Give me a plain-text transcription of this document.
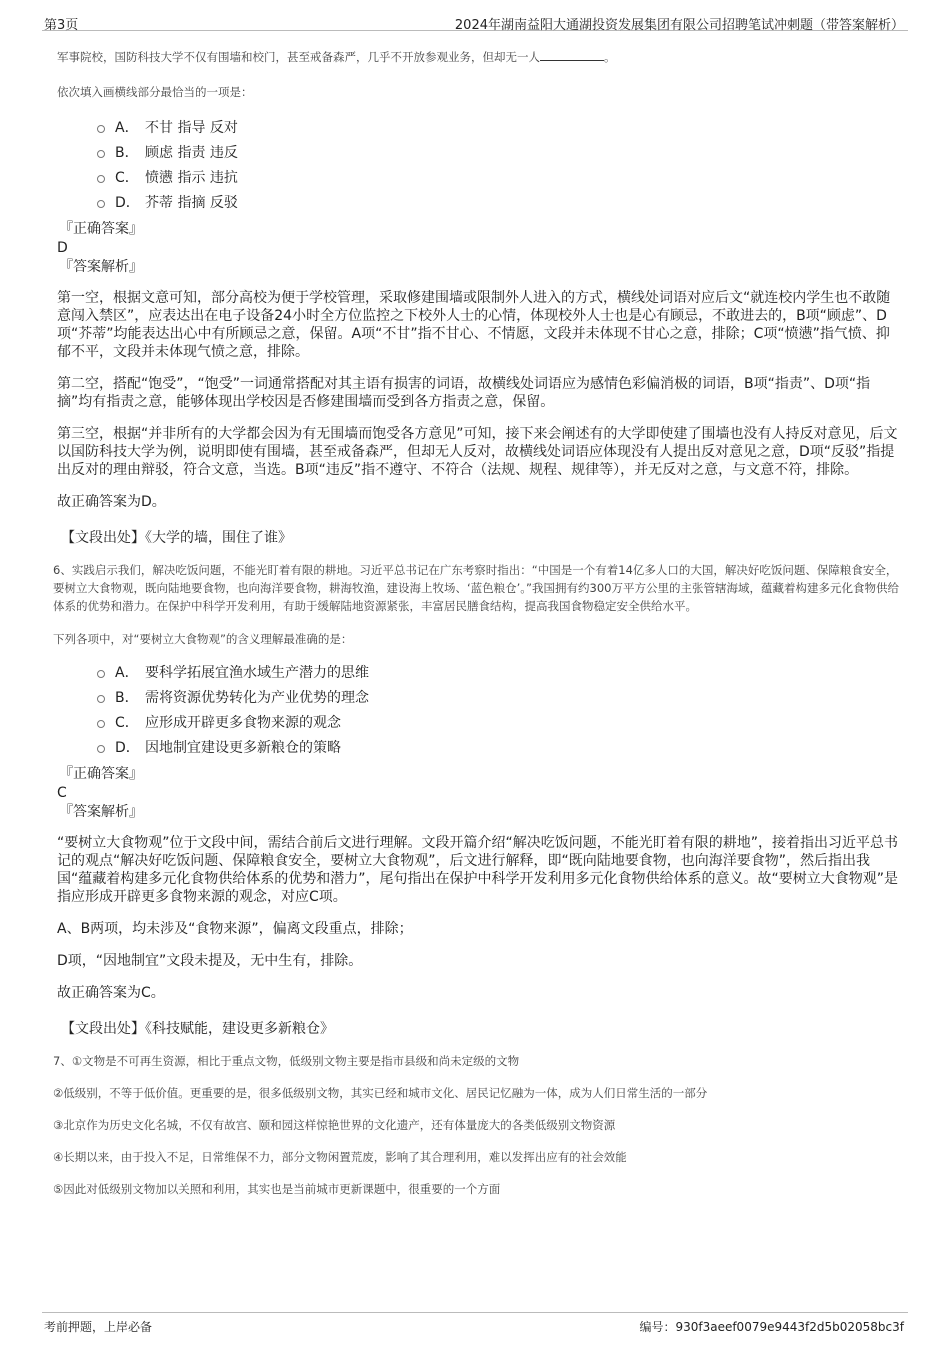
第3页	2024年湖南益阳大通湖投资发展集团有限公司招聘笔试冲刺题（带答案解析）
军事院校，国防科技大学不仅有围墙和校门，甚至戒备森严，几乎不开放参观业务，但却无一人	。
依次填入画横线部分最恰当的一项是：
A． 不甘 指导 反对
B． 顾虑 指责 违反
C． 愤懑 指示 违抗
D． 芥蒂 指摘 反驳
『正确答案』
D
『答案解析』
第一空，根据文意可知，部分高校为便于学校管理，采取修建围墙或限制外人进入的方式，横线处词语对应后文“就连校内学生也不敢随意闯入禁区”，应表达出在电子设备24小时全方位监控之下校外人士的心情，体现校外人士也是心有顾忌，不敢进去的，B项“顾虑”、D项“芥蒂”均能表达出心中有所顾忌之意，保留。A项“不甘”指不甘心、不情愿，文段并未体现不甘心之意，排除；C项“愤懑”指气愤、抑郁不平，文段并未体现气愤之意，排除。
第二空，搭配“饱受”，“饱受”一词通常搭配对其主语有损害的词语，故横线处词语应为感情色彩偏消极的词语，B项“指责”、D项“指摘”均有指责之意，能够体现出学校因是否修建围墙而受到各方指责之意，保留。
第三空，根据“并非所有的大学都会因为有无围墙而饱受各方意见”可知，接下来会阐述有的大学即使建了围墙也没有人持反对意见，后文以国防科技大学为例，说明即使有围墙，甚至戒备森严，但却无人反对，故横线处词语应体现没有人提出反对意见之意，D项“反驳”指提出反对的理由辩驳，符合文意，当选。B项“违反”指不遵守、不符合（法规、规程、规律等），并无反对之意，与文意不符，排除。
故正确答案为D。
【文段出处】《大学的墙，围住了谁》
6、实践启示我们，解决吃饭问题，不能光盯着有限的耕地。习近平总书记在广东考察时指出：“中国是一个有着14亿多人口的大国，解决好吃饭问题、保障粮食安全，要树立大食物观，既向陆地要食物，也向海洋要食物，耕海牧渔，建设海上牧场、‘蓝色粮仓’。”我国拥有约300万平方公里的主张管辖海域，蕴藏着构建多元化食物供给体系的优势和潜力。在保护中科学开发利用，有助于缓解陆地资源紧张，丰富居民膳食结构，提高我国食物稳定安全供给水平。
下列各项中，对“要树立大食物观”的含义理解最准确的是：
A． 要科学拓展宜渔水域生产潜力的思维
B． 需将资源优势转化为产业优势的理念
C． 应形成开辟更多食物来源的观念
D． 因地制宜建设更多新粮仓的策略
『正确答案』
C
『答案解析』
“要树立大食物观”位于文段中间，需结合前后文进行理解。文段开篇介绍“解决吃饭问题，不能光盯着有限的耕地”，接着指出习近平总书记的观点“解决好吃饭问题、保障粮食安全，要树立大食物观”，后文进行解释，即“既向陆地要食物，也向海洋要食物”，然后指出我国“蕴藏着构建多元化食物供给体系的优势和潜力”，尾句指出在保护中科学开发利用多元化食物供给体系的意义。故“要树立大食物观”是指应形成开辟更多食物来源的观念，对应C项。
A、B两项，均未涉及“食物来源”，偏离文段重点，排除；
D项，“因地制宜”文段未提及，无中生有，排除。
故正确答案为C。
【文段出处】《科技赋能，建设更多新粮仓》
7、①文物是不可再生资源，相比于重点文物，低级别文物主要是指市县级和尚未定级的文物
②低级别，不等于低价值。更重要的是，很多低级别文物，其实已经和城市文化、居民记忆融为一体，成为人们日常生活的一部分
③北京作为历史文化名城，不仅有故宫、颐和园这样惊艳世界的文化遗产，还有体量庞大的各类低级别文物资源
④长期以来，由于投入不足，日常维保不力，部分文物闲置荒废，影响了其合理利用，难以发挥出应有的社会效能
⑤因此对低级别文物加以关照和利用，其实也是当前城市更新课题中，很重要的一个方面
考前押题，上岸必备	编号：930f3aeef0079e9443f2d5b02058bc3f
